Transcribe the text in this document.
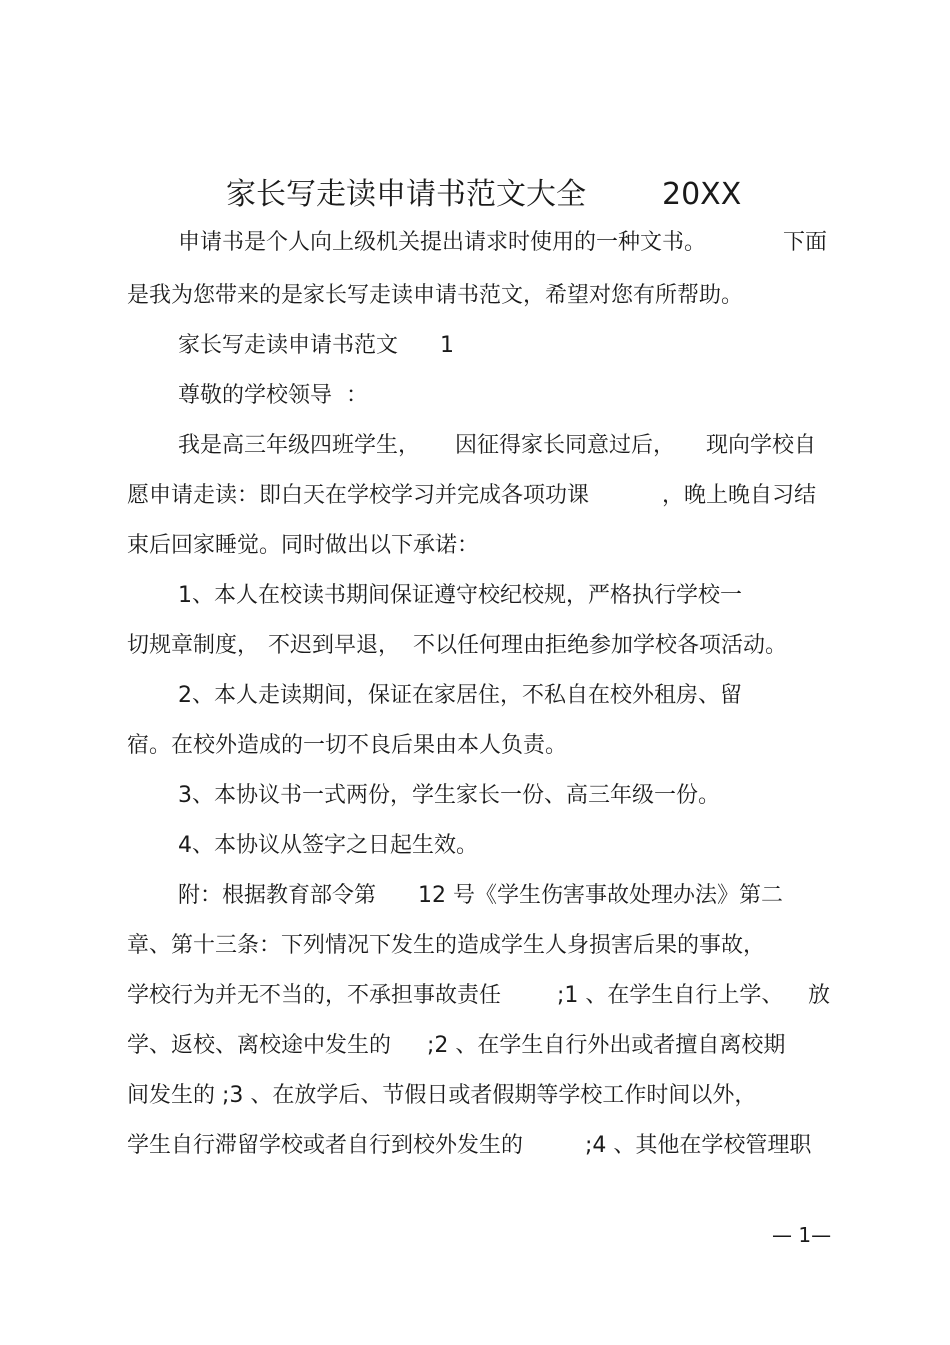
家长写走读申请书范文大全	20XX
申请书是个人向上级机关提出请求时使用的一种文书。	下面
是我为您带来的是家长写走读申请书范文，希望对您有所帮助。
家长写走读申请书范文 1
尊敬的学校领导  ：
我是高三年级四班学生， 因征得家长同意过后， 现向学校自
愿申请走读：即白天在学校学习并完成各项功课	，晚上晚自习结
束后回家睡觉。同时做出以下承诺：
1、本人在校读书期间保证遵守校纪校规，严格执行学校一
切规章制度， 不迟到早退， 不以任何理由拒绝参加学校各项活动。
2、本人走读期间，保证在家居住，不私自在校外租房、留
宿。在校外造成的一切不良后果由本人负责。
3、本协议书一式两份，学生家长一份、高三年级一份。
4、本协议从签字之日起生效。
附：根据教育部令第 12 号《学生伤害事故处理办法》第二
章、第十三条：下列情况下发生的造成学生人身损害后果的事故，
学校行为并无不当的，不承担事故责任	;1 、在学生自行上学、 放
学、返校、离校途中发生的 ;2 、在学生自行外出或者擅自离校期
间发生的 ;3 、在放学后、节假日或者假期等学校工作时间以外，
学生自行滞留学校或者自行到校外发生的	;4 、其他在学校管理职
— 1—
